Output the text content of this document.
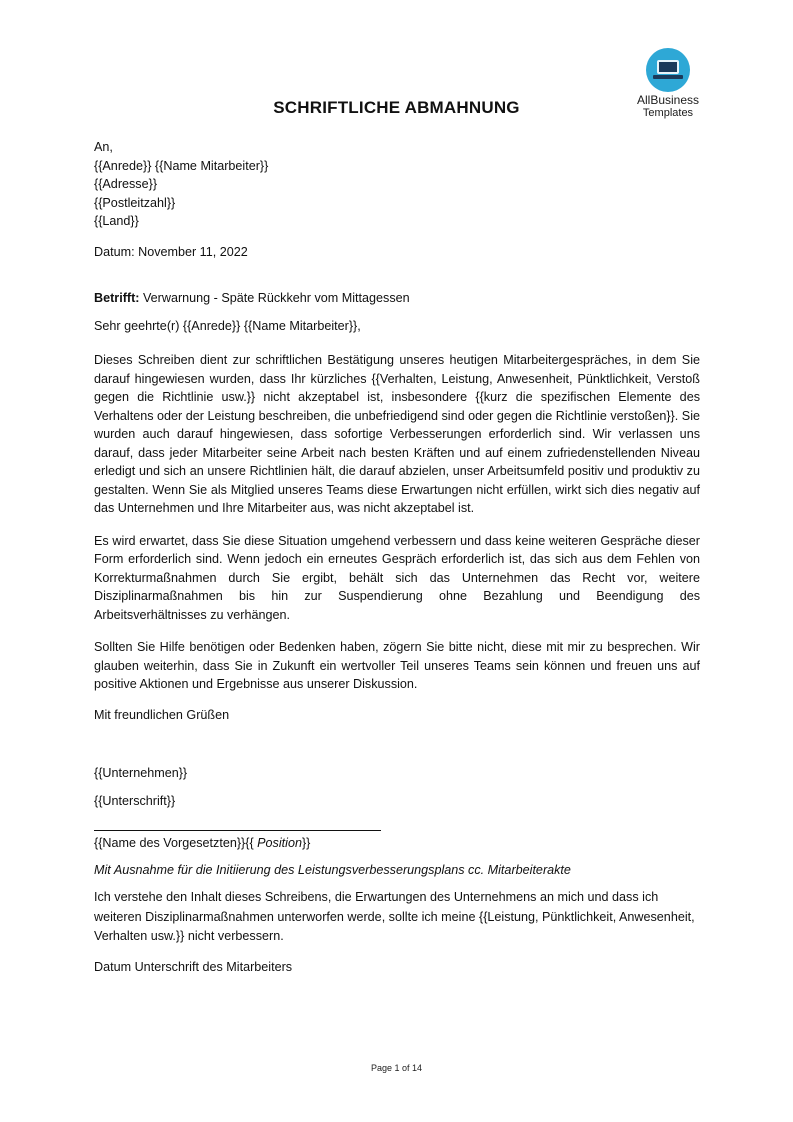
AllBusiness
Templates
SCHRIFTLICHE ABMAHNUNG
An,
{{Anrede}} {{Name Mitarbeiter}}
{{Adresse}}
{{Postleitzahl}}
{{Land}}
Datum: November 11, 2022
Betrifft: Verwarnung - Späte Rückkehr vom Mittagessen
Sehr geehrte(r) {{Anrede}} {{Name Mitarbeiter}},
Dieses Schreiben dient zur schriftlichen Bestätigung unseres heutigen Mitarbeitergespräches, in dem Sie darauf hingewiesen wurden, dass Ihr kürzliches {{Verhalten, Leistung, Anwesenheit, Pünktlichkeit, Verstoß gegen die Richtlinie usw.}} nicht akzeptabel ist, insbesondere {{kurz die spezifischen Elemente des Verhaltens oder der Leistung beschreiben, die unbefriedigend sind oder gegen die Richtlinie verstoßen}}. Sie wurden auch darauf hingewiesen, dass sofortige Verbesserungen erforderlich sind. Wir verlassen uns darauf, dass jeder Mitarbeiter seine Arbeit nach besten Kräften und auf einem zufriedenstellenden Niveau erledigt und sich an unsere Richtlinien hält, die darauf abzielen, unser Arbeitsumfeld positiv und produktiv zu gestalten. Wenn Sie als Mitglied unseres Teams diese Erwartungen nicht erfüllen, wirkt sich dies negativ auf das Unternehmen und Ihre Mitarbeiter aus, was nicht akzeptabel ist.
Es wird erwartet, dass Sie diese Situation umgehend verbessern und dass keine weiteren Gespräche dieser Form erforderlich sind. Wenn jedoch ein erneutes Gespräch erforderlich ist, das sich aus dem Fehlen von Korrekturmaßnahmen durch Sie ergibt, behält sich das Unternehmen das Recht vor, weitere Disziplinarmaßnahmen bis hin zur Suspendierung ohne Bezahlung und Beendigung des Arbeitsverhältnisses zu verhängen.
Sollten Sie Hilfe benötigen oder Bedenken haben, zögern Sie bitte nicht, diese mit mir zu besprechen. Wir glauben weiterhin, dass Sie in Zukunft ein wertvoller Teil unseres Teams sein können und freuen uns auf positive Aktionen und Ergebnisse aus unserer Diskussion.
Mit freundlichen Grüßen
{{Unternehmen}}
{{Unterschrift}}
{{Name des Vorgesetzten}}{{ Position}}
Mit Ausnahme für die Initiierung des Leistungsverbesserungsplans cc. Mitarbeiterakte
Ich verstehe den Inhalt dieses Schreibens, die Erwartungen des Unternehmens an mich und dass ich weiteren Disziplinarmaßnahmen unterworfen werde, sollte ich meine {{Leistung, Pünktlichkeit, Anwesenheit, Verhalten usw.}} nicht verbessern.
Datum Unterschrift des Mitarbeiters
Page 1 of 14
